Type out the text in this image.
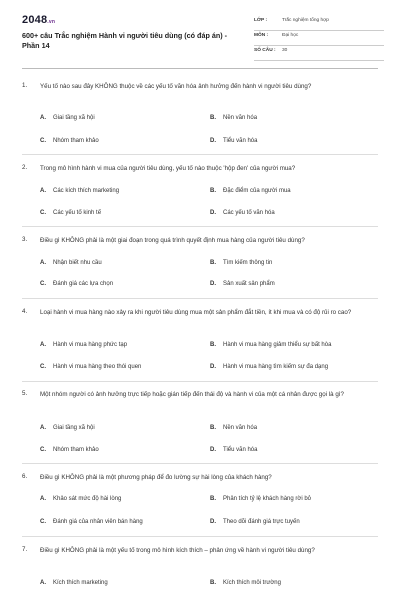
2048.vn
600+ câu Trắc nghiệm Hành vi người tiêu dùng (có đáp án) - Phần 14
LỚP :	Trắc nghiệm tổng hợp
MÔN :	Đại học
SỐ CÂU : 30
1. Yếu tố nào sau đây KHÔNG thuộc về các yếu tố văn hóa ảnh hưởng đến hành vi người tiêu dùng?
A. Giai tầng xã hội	B. Nền văn hóa
C. Nhóm tham khảo	D. Tiểu văn hóa
2. Trong mô hình hành vi mua của người tiêu dùng, yếu tố nào thuộc 'hộp đen' của người mua?
A. Các kích thích marketing	B. Đặc điểm của người mua
C. Các yếu tố kinh tế	D. Các yếu tố văn hóa
3. Điều gì KHÔNG phải là một giai đoạn trong quá trình quyết định mua hàng của người tiêu dùng?
A. Nhận biết nhu cầu	B. Tìm kiếm thông tin
C. Đánh giá các lựa chọn	D. Sản xuất sản phẩm
4. Loại hành vi mua hàng nào xảy ra khi người tiêu dùng mua một sản phẩm đắt tiền, ít khi mua và có độ rủi ro cao?
A. Hành vi mua hàng phức tạp	B. Hành vi mua hàng giảm thiểu sự bất hòa
C. Hành vi mua hàng theo thói quen	D. Hành vi mua hàng tìm kiếm sự đa dạng
5. Một nhóm người có ảnh hưởng trực tiếp hoặc gián tiếp đến thái độ và hành vi của một cá nhân được gọi là gì?
A. Giai tầng xã hội	B. Nền văn hóa
C. Nhóm tham khảo	D. Tiểu văn hóa
6. Điều gì KHÔNG phải là một phương pháp để đo lường sự hài lòng của khách hàng?
A. Khảo sát mức độ hài lòng	B. Phân tích tỷ lệ khách hàng rời bỏ
C. Đánh giá của nhân viên bán hàng	D. Theo dõi đánh giá trực tuyến
7. Điều gì KHÔNG phải là một yếu tố trong mô hình kích thích – phản ứng về hành vi người tiêu dùng?
A. Kích thích marketing	B. Kích thích môi trường
